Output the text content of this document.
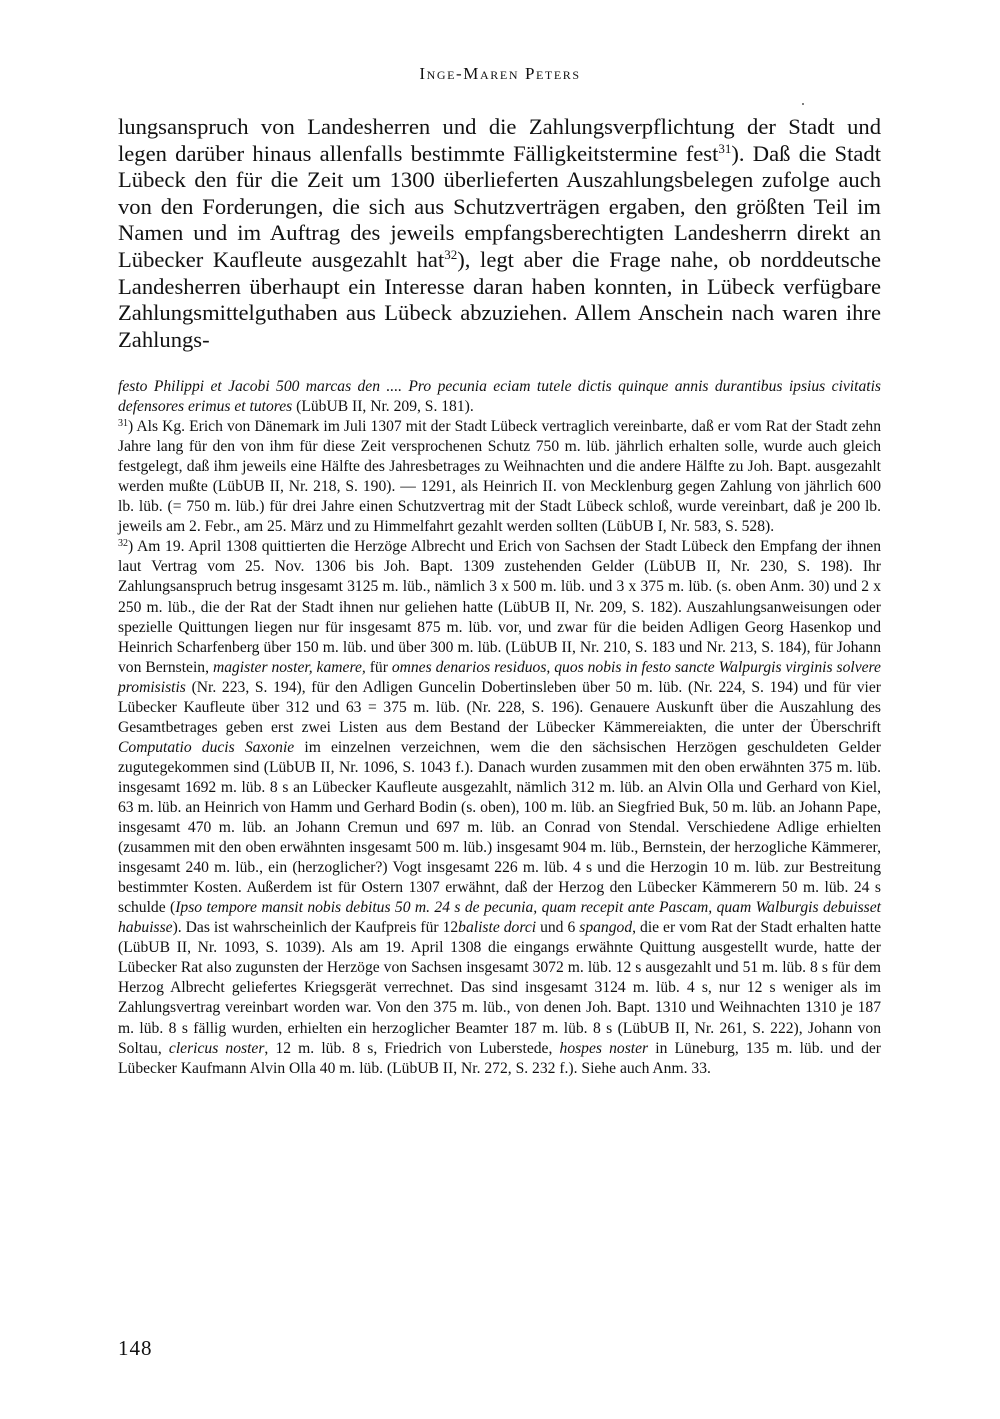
Inge-Maren Peters

lungsanspruch von Landesherren und die Zahlungsverpflichtung der Stadt und legen darüber hinaus allenfalls bestimmte Fälligkeitstermine fest$^{31}$). Daß die Stadt Lübeck den für die Zeit um 1300 überlieferten Auszahlungsbelegen zufolge auch von den Forderungen, die sich aus Schutzverträgen ergaben, den größten Teil im Namen und im Auftrag des jeweils empfangsberechtigten Landesherrn direkt an Lübecker Kaufleute ausgezahlt hat$^{32}$), legt aber die Frage nahe, ob norddeutsche Landesherren überhaupt ein Interesse daran haben konnten, in Lübeck verfügbare Zahlungsmittelguthaben aus Lübeck abzuziehen. Allem Anschein nach waren ihre Zahlungs-

festo Philippi et Jacobi 500 marcas den .... Pro pecunia eciam tutele dictis quinque annis durantibus ipsius civitatis defensores erimus et tutores (LübUB II, Nr. 209, S. 181).

31) Als Kg. Erich von Dänemark im Juli 1307 mit der Stadt Lübeck vertraglich vereinbarte, daß er vom Rat der Stadt zehn Jahre lang für den von ihm für diese Zeit versprochenen Schutz 750 m. lüb. jährlich erhalten solle, wurde auch gleich festgelegt, daß ihm jeweils eine Hälfte des Jahresbetrages zu Weihnachten und die andere Hälfte zu Joh. Bapt. ausgezahlt werden mußte (LübUB II, Nr. 218, S. 190). — 1291, als Heinrich II. von Mecklenburg gegen Zahlung von jährlich 600 lb. lüb. (= 750 m. lüb.) für drei Jahre einen Schutzvertrag mit der Stadt Lübeck schloß, wurde vereinbart, daß je 200 lb. jeweils am 2. Febr., am 25. März und zu Himmelfahrt gezahlt werden sollten (LübUB I, Nr. 583, S. 528).

32) Am 19. April 1308 quittierten die Herzöge Albrecht und Erich von Sachsen der Stadt Lübeck den Empfang der ihnen laut Vertrag vom 25. Nov. 1306 bis Joh. Bapt. 1309 zustehenden Gelder (LübUB II, Nr. 230, S. 198). Ihr Zahlungsanspruch betrug insgesamt 3125 m. lüb., nämlich 3 x 500 m. lüb. und 3 x 375 m. lüb. (s. oben Anm. 30) und 2 x 250 m. lüb., die der Rat der Stadt ihnen nur geliehen hatte (LübUB II, Nr. 209, S. 182). Auszahlungsanweisungen oder spezielle Quittungen liegen nur für insgesamt 875 m. lüb. vor, und zwar für die beiden Adligen Georg Hasenkop und Heinrich Scharfenberg über 150 m. lüb. und über 300 m. lüb. (LübUB II, Nr. 210, S. 183 und Nr. 213, S. 184), für Johann von Bernstein, magister noster, kamere, für omnes denarios residuos, quos nobis in festo sancte Walpurgis virginis solvere promisistis (Nr. 223, S. 194), für den Adligen Guncelin Dobertinsleben über 50 m. lüb. (Nr. 224, S. 194) und für vier Lübecker Kaufleute über 312 und 63 = 375 m. lüb. (Nr. 228, S. 196). Genauere Auskunft über die Auszahlung des Gesamtbetrages geben erst zwei Listen aus dem Bestand der Lübecker Kämmereiakten, die unter der Überschrift Computatio ducis Saxonie im einzelnen verzeichnen, wem die den sächsischen Herzögen geschuldeten Gelder zugutegekommen sind (LübUB II, Nr. 1096, S. 1043 f.). Danach wurden zusammen mit den oben erwähnten 375 m. lüb. insgesamt 1692 m. lüb. 8 s an Lübecker Kaufleute ausgezahlt, nämlich 312 m. lüb. an Alvin Olla und Gerhard von Kiel, 63 m. lüb. an Heinrich von Hamm und Gerhard Bodin (s. oben), 100 m. lüb. an Siegfried Buk, 50 m. lüb. an Johann Pape, insgesamt 470 m. lüb. an Johann Cremun und 697 m. lüb. an Conrad von Stendal. Verschiedene Adlige erhielten (zusammen mit den oben erwähnten insgesamt 500 m. lüb.) insgesamt 904 m. lüb., Bernstein, der herzogliche Kämmerer, insgesamt 240 m. lüb., ein (herzoglicher?) Vogt insgesamt 226 m. lüb. 4 s und die Herzogin 10 m. lüb. zur Bestreitung bestimmter Kosten. Außerdem ist für Ostern 1307 erwähnt, daß der Herzog den Lübecker Kämmerern 50 m. lüb. 24 s schulde (Ipso tempore mansit nobis debitus 50 m. 24 s de pecunia, quam recepit ante Pascam, quam Walburgis debuisset habuisse). Das ist wahrscheinlich der Kaufpreis für 12baliste dorci und 6 spangod, die er vom Rat der Stadt erhalten hatte (LübUB II, Nr. 1093, S. 1039). Als am 19. April 1308 die eingangs erwähnte Quittung ausgestellt wurde, hatte der Lübecker Rat also zugunsten der Herzöge von Sachsen insgesamt 3072 m. lüb. 12 s ausgezahlt und 51 m. lüb. 8 s für dem Herzog Albrecht geliefertes Kriegsgerät verrechnet. Das sind insgesamt 3124 m. lüb. 4 s, nur 12 s weniger als im Zahlungsvertrag vereinbart worden war. Von den 375 m. lüb., von denen Joh. Bapt. 1310 und Weihnachten 1310 je 187 m. lüb. 8 s fällig wurden, erhielten ein herzoglicher Beamter 187 m. lüb. 8 s (LübUB II, Nr. 261, S. 222), Johann von Soltau, clericus noster, 12 m. lüb. 8 s, Friedrich von Luberstede, hospes noster in Lüneburg, 135 m. lüb. und der Lübecker Kaufmann Alvin Olla 40 m. lüb. (LübUB II, Nr. 272, S. 232 f.). Siehe auch Anm. 33.

148
